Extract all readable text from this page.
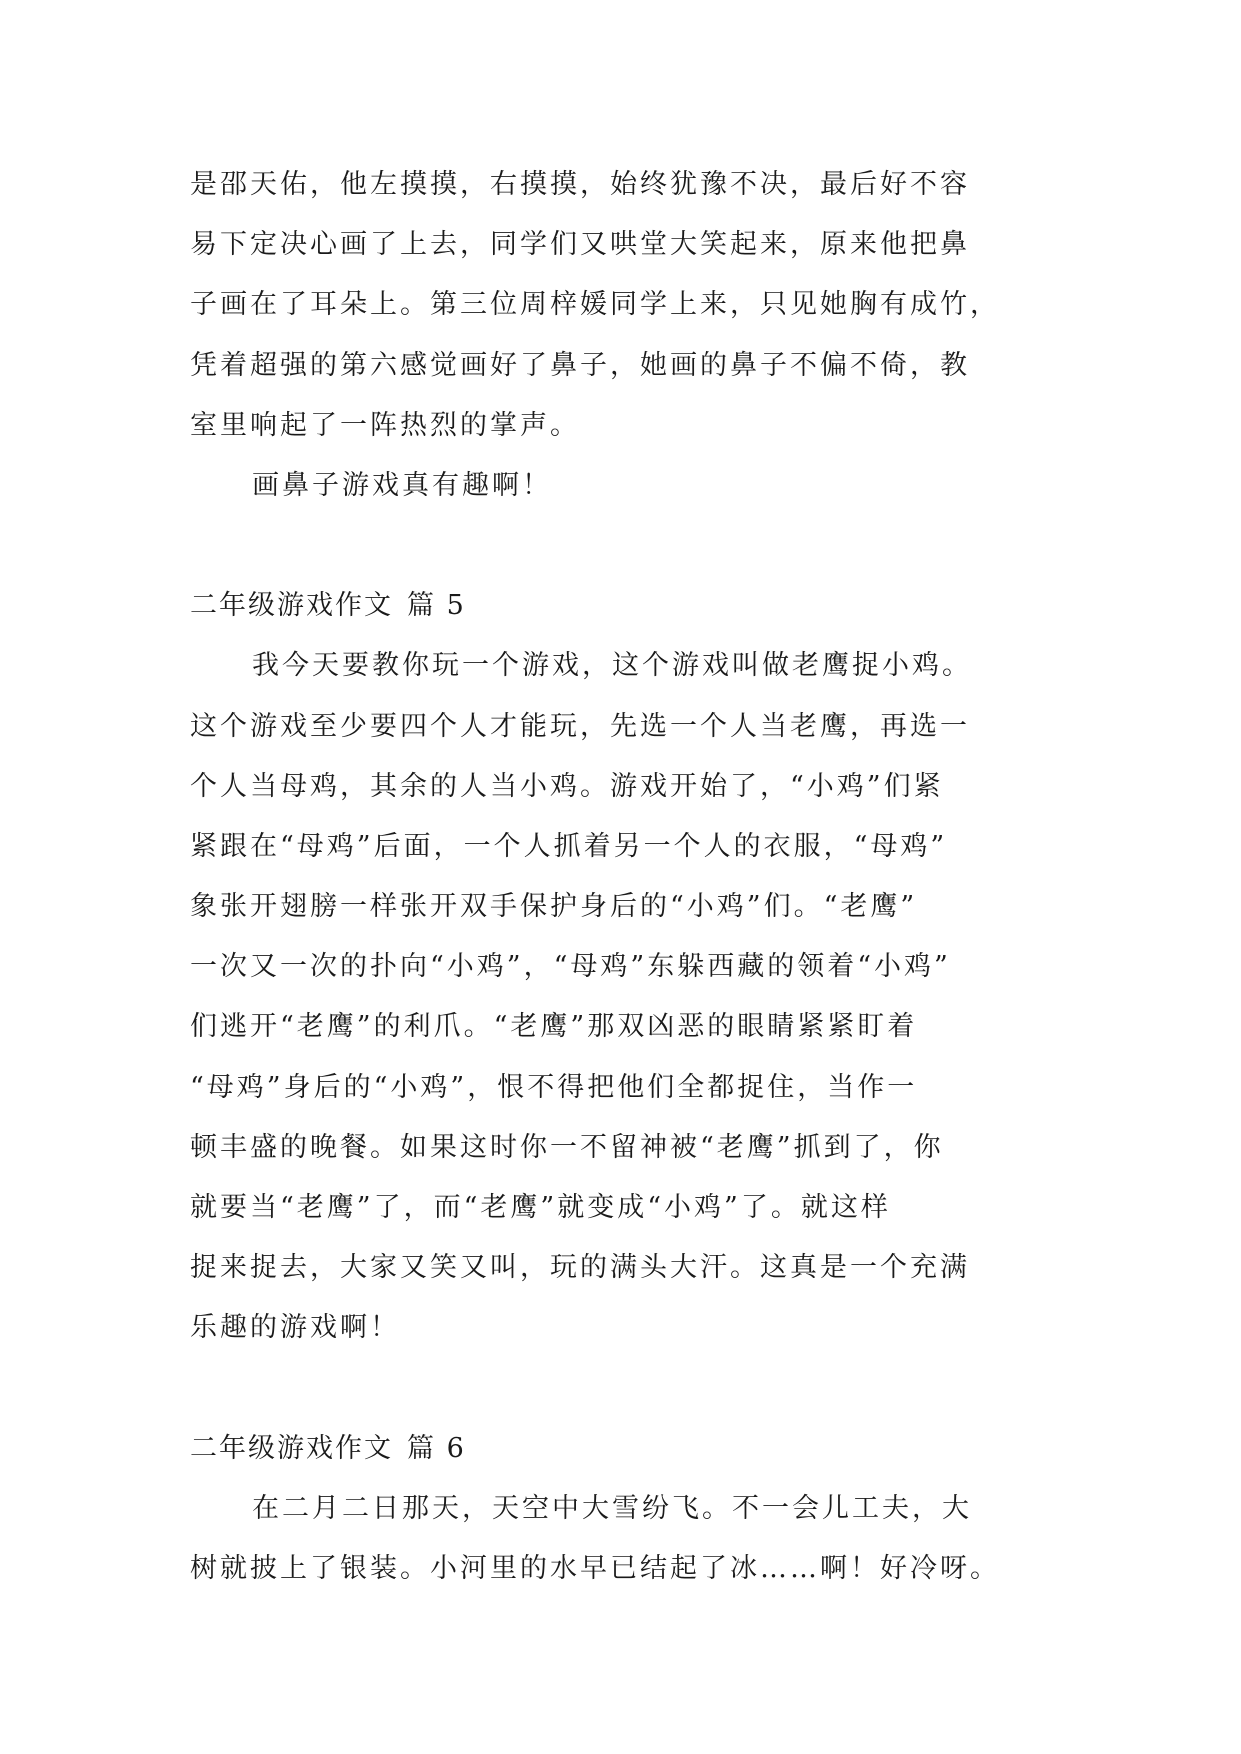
是邵天佑，他左摸摸，右摸摸，始终犹豫不决，最后好不容
易下定决心画了上去，同学们又哄堂大笑起来，原来他把鼻
子画在了耳朵上。第三位周梓媛同学上来，只见她胸有成竹，
凭着超强的第六感觉画好了鼻子，她画的鼻子不偏不倚，教
室里响起了一阵热烈的掌声。
画鼻子游戏真有趣啊！
二年级游戏作文 篇 5
我今天要教你玩一个游戏，这个游戏叫做老鹰捉小鸡。
这个游戏至少要四个人才能玩，先选一个人当老鹰，再选一
个人当母鸡，其余的人当小鸡。游戏开始了，“小鸡”们紧
紧跟在“母鸡”后面，一个人抓着另一个人的衣服，“母鸡”
象张开翅膀一样张开双手保护身后的“小鸡”们。“老鹰”
一次又一次的扑向“小鸡”，“母鸡”东躲西藏的领着“小鸡”
们逃开“老鹰”的利爪。“老鹰”那双凶恶的眼睛紧紧盯着
“母鸡”身后的“小鸡”，恨不得把他们全都捉住，当作一
顿丰盛的晚餐。如果这时你一不留神被“老鹰”抓到了，你
就要当“老鹰”了，而“老鹰”就变成“小鸡”了。就这样
捉来捉去，大家又笑又叫，玩的满头大汗。这真是一个充满
乐趣的游戏啊！
二年级游戏作文 篇 6
在二月二日那天，天空中大雪纷飞。不一会儿工夫，大
树就披上了银装。小河里的水早已结起了冰……啊！好冷呀。
